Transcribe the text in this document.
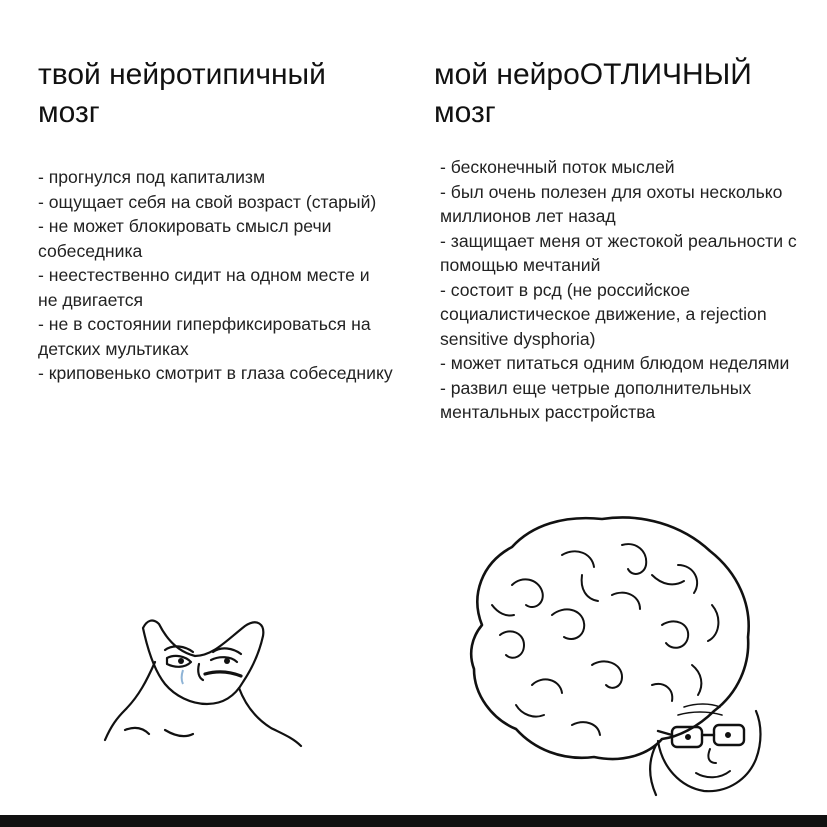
твой нейротипичный
мозг
- прогнулся под капитализм
- ощущает себя на свой возраст (старый)
- не может блокировать смысл речи собеседника
- неестественно сидит на одном месте и не двигается
- не в состоянии гиперфиксироваться на детских мультиках
- криповенько смотрит в глаза собеседнику
мой нейроОТЛИЧНЫЙ
мозг
- бесконечный поток мыслей
- был очень полезен для охоты несколько миллионов лет назад
- защищает меня от жестокой реальности с помощью мечтаний
- состоит в рсд (не российское социалистическое движение, а rejection sensitive dysphoria)
- может питаться одним блюдом неделями
- развил еще четрые дополнительных ментальных расстройства
